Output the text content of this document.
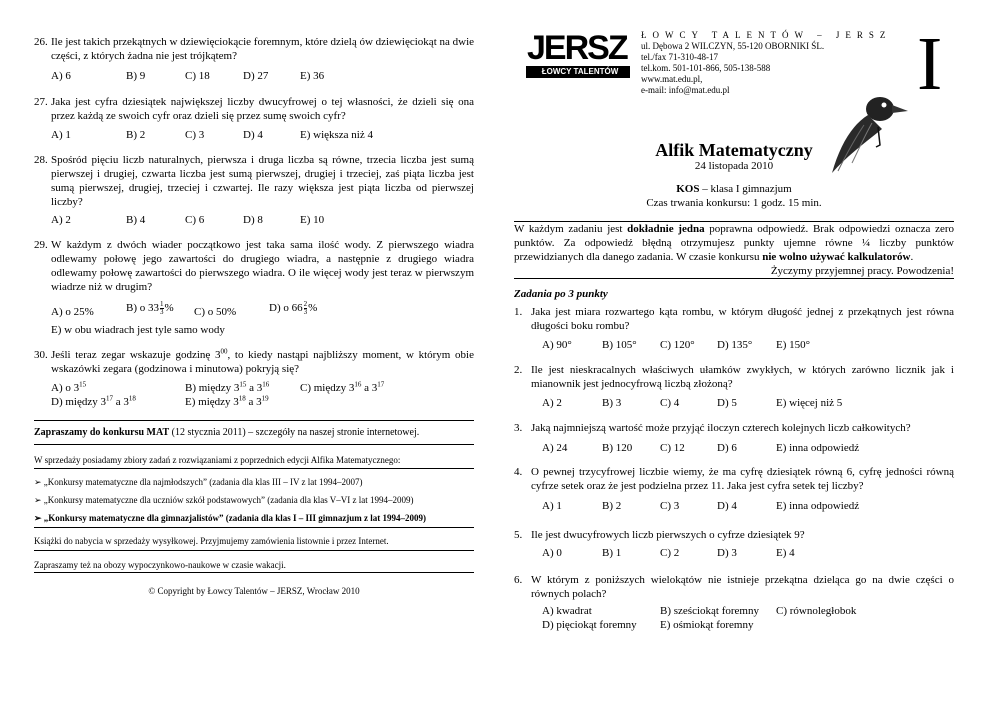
26. Ile jest takich przekątnych w dziewięciokącie foremnym, które dzielą ów dziewięciokąt na dwie części, z których żadna nie jest trójkątem?
A) 6	B) 9	C) 18	D) 27	E) 36
27. Jaka jest cyfra dziesiątek największej liczby dwucyfrowej o tej własności, że dzieli się ona przez każdą ze swoich cyfr oraz dzieli się przez sumę swoich cyfr?
A) 1	B) 2	C) 3	D) 4	E) większa niż 4
28. Spośród pięciu liczb naturalnych, pierwsza i druga liczba są równe, trzecia liczba jest sumą pierwszej i drugiej, czwarta liczba jest sumą pierwszej, drugiej i trzeciej, zaś piąta liczba jest sumą pierwszej, drugiej, trzeciej i czwartej. Ile razy większa jest piąta liczba od pierwszej liczby?
A) 2	B) 4	C) 6	D) 8	E) 10
29. W każdym z dwóch wiader początkowo jest taka sama ilość wody. Z pierwszego wiadra odlewamy połowę jego zawartości do drugiego wiadra, a następnie z drugiego wiadra odlewamy połowę zawartości do pierwszego wiadra. O ile więcej wody jest teraz w pierwszym wiadrze niż w drugim?
A) o 25%	B) o $33 \frac{1}{3}$ % C) o 50%	D) o $66 \frac{2}{3}$ %
E) w obu wiadrach jest tyle samo wody
30. Jeśli teraz zegar wskazuje godzinę $3^{00}$, to kiedy nastąpi najbliższy moment, w którym obie wskazówki zegara (godzinowa i minutowa) pokryją się?
A) o $3^{15}$	B) między $3^{15}$ a $3^{16}$	C) między $3^{16}$ a $3^{17}$
D) między $3^{17}$ a $3^{18}$	E) między $3^{18}$ a $3^{19}$
Zapraszamy do konkursu MAT (12 stycznia 2011) – szczegóły na naszej stronie internetowej.
W sprzedaży posiadamy zbiory zadań z rozwiązaniami z poprzednich edycji Alfika Matematycznego:
➢ „Konkursy matematyczne dla najmłodszych” (zadania dla klas III – IV z lat 1994–2007)
➢ „Konkursy matematyczne dla uczniów szkół podstawowych” (zadania dla klas V–VI z lat 1994–2009)
➢ „Konkursy matematyczne dla gimnazjalistów” (zadania dla klas I – III gimnazjum z lat 1994–2009)
Książki do nabycia w sprzedaży wysyłkowej. Przyjmujemy zamówienia listownie i przez Internet.
Zapraszamy też na obozy wypoczynkowo-naukowe w czasie wakacji.
© Copyright by Łowcy Talentów – JERSZ, Wrocław 2010
JERSZ
ŁOWCY TALENTÓW
ŁOWCY TALENTÓW – JERSZ
ul. Dębowa 2 WILCZYN, 55-120 OBORNIKI ŚL.
tel./fax 71-310-48-17
tel.kom. 501-101-866, 505-138-588
www.mat.edu.pl,
e-mail: info@mat.edu.pl	I
Alfik Matematyczny
24 listopada 2010
KOS – klasa I gimnazjum
Czas trwania konkursu: 1 godz. 15 min.
W każdym zadaniu jest dokładnie jedna poprawna odpowiedź. Brak odpowiedzi oznacza zero punktów. Za odpowiedź błędną otrzymujesz punkty ujemne równe ¼ liczby punktów przewidzianych dla danego zadania. W czasie konkursu nie wolno używać kalkulatorów.
Życzymy przyjemnej pracy. Powodzenia!
Zadania po 3 punkty
1. Jaka jest miara rozwartego kąta rombu, w którym długość jednej z przekątnych jest równa długości boku rombu?
A) 90°	B) 105° C) 120° D) 135° E) 150°
2. Ile jest nieskracalnych właściwych ułamków zwykłych, w których zarówno licznik jak i mianownik jest jednocyfrową liczbą złożoną?
A) 2	B) 3	C) 4	D) 5	E) więcej niż 5
3. Jaką najmniejszą wartość może przyjąć iloczyn czterech kolejnych liczb całkowitych?
A) 24	B) 120	C) 12	D) 6	E) inna odpowiedź
4. O pewnej trzycyfrowej liczbie wiemy, że ma cyfrę dziesiątek równą 6, cyfrę jedności równą cyfrze setek oraz że jest podzielna przez 11. Jaka jest cyfra setek tej liczby?
A) 1	B) 2	C) 3	D) 4	E) inna odpowiedź
5. Ile jest dwucyfrowych liczb pierwszych o cyfrze dziesiątek 9?
A) 0	B) 1	C) 2	D) 3	E) 4
6. W którym z poniższych wielokątów nie istnieje przekątna dzieląca go na dwie części o równych polach?
A) kwadrat	B) sześciokąt foremny C) równoległobok
D) pięciokąt foremny E) ośmiokąt foremny
